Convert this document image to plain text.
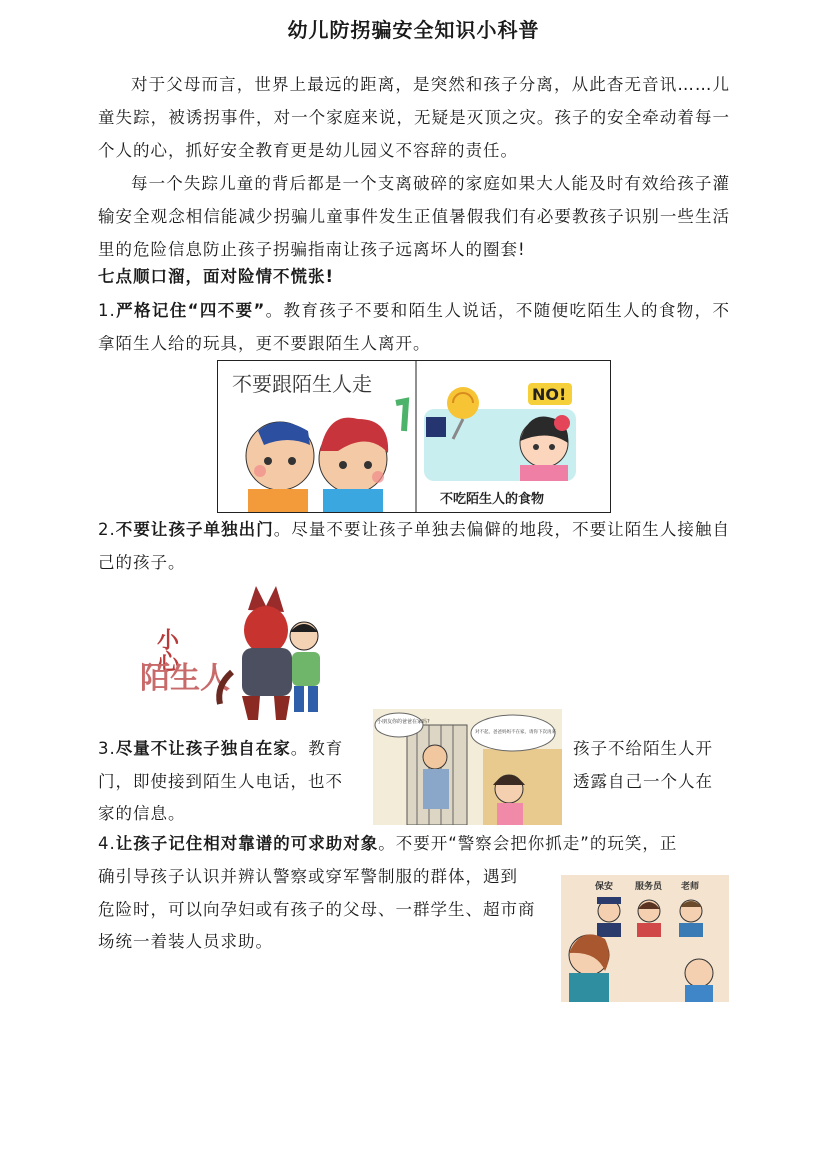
幼儿防拐骗安全知识小科普
对于父母而言，世界上最远的距离，是突然和孩子分离，从此杳无音讯……儿童失踪，被诱拐事件，对一个家庭来说，无疑是灭顶之灾。孩子的安全牵动着每一个人的心，抓好安全教育更是幼儿园义不容辞的责任。
每一个失踪儿童的背后都是一个支离破碎的家庭如果大人能及时有效给孩子灌输安全观念相信能减少拐骗儿童事件发生正值暑假我们有必要教孩子识别一些生活里的危险信息防止孩子拐骗指南让孩子远离坏人的圈套!
七点顺口溜，面对险情不慌张!
1.严格记住“四不要”。教育孩子不要和陌生人说话，不随便吃陌生人的食物，不拿陌生人给的玩具，更不要跟陌生人离开。
不要跟陌生人走	NO!
不吃陌生人的食物
2.不要让孩子单独出门。尽量不要让孩子单独去偏僻的地段，不要让陌生人接触自己的孩子。
小心
陌生人
3.尽量不让孩子独自在家。教育	孩子不给陌生人开
门，即使接到陌生人电话，也不	透露自己一个人在
家的信息。
小朋友你的爸爸在家吗?
对不起，爸爸妈妈不在家，请你下次再来
4.让孩子记住相对靠谱的可求助对象。不要开“警察会把你抓走”的玩笑，正
确引导孩子认识并辨认警察或穿军警制服的群体，遇到
危险时，可以向孕妇或有孩子的父母、一群学生、超市商
场统一着装人员求助。
保安 服务员 老师
